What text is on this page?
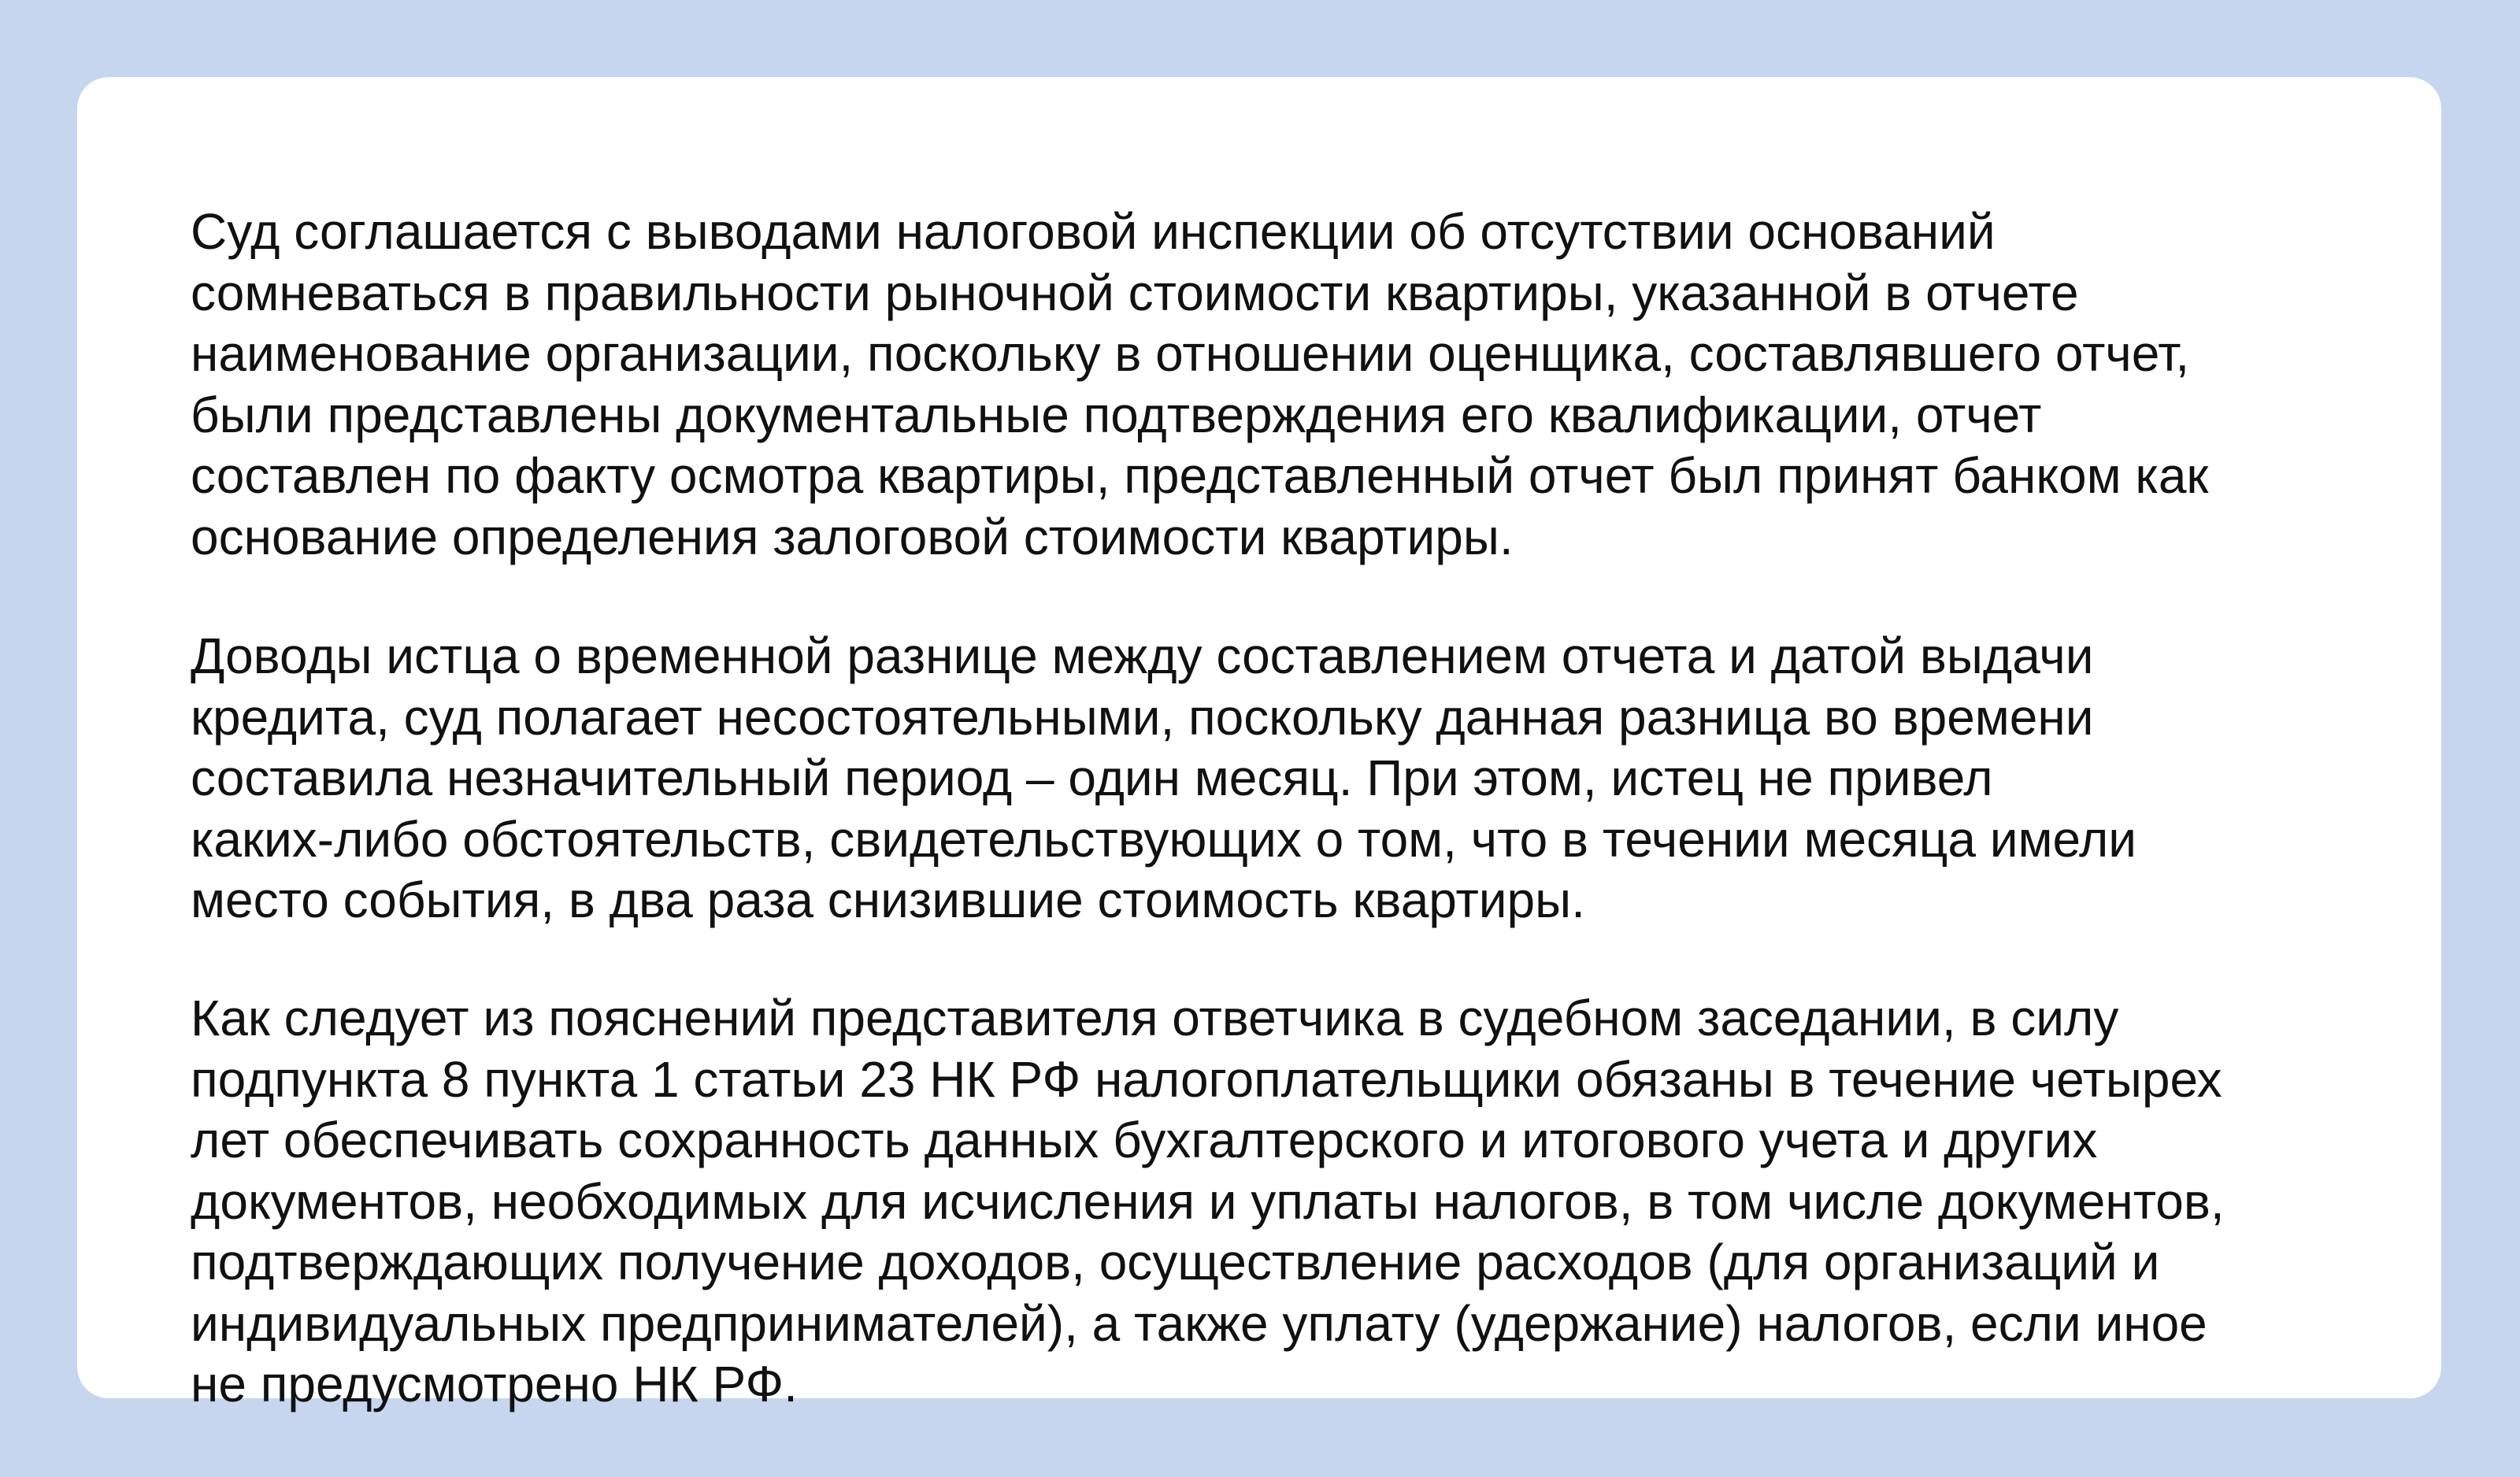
Суд соглашается с выводами налоговой инспекции об отсутствии оснований
сомневаться в правильности рыночной стоимости квартиры, указанной в отчете
наименование организации, поскольку в отношении оценщика, составлявшего отчет,
были представлены документальные подтверждения его квалификации, отчет
составлен по факту осмотра квартиры, представленный отчет был принят банком как
основание определения залоговой стоимости квартиры.

Доводы истца о временной разнице между составлением отчета и датой выдачи
кредита, суд полагает несостоятельными, поскольку данная разница во времени
составила незначительный период – один месяц. При этом, истец не привел
каких-либо обстоятельств, свидетельствующих о том, что в течении месяца имели
место события, в два раза снизившие стоимость квартиры.

Как следует из пояснений представителя ответчика в судебном заседании, в силу
подпункта 8 пункта 1 статьи 23 НК РФ налогоплательщики обязаны в течение четырех
лет обеспечивать сохранность данных бухгалтерского и итогового учета и других
документов, необходимых для исчисления и уплаты налогов, в том числе документов,
подтверждающих получение доходов, осуществление расходов (для организаций и
индивидуальных предпринимателей), а также уплату (удержание) налогов, если иное
не предусмотрено НК РФ.
